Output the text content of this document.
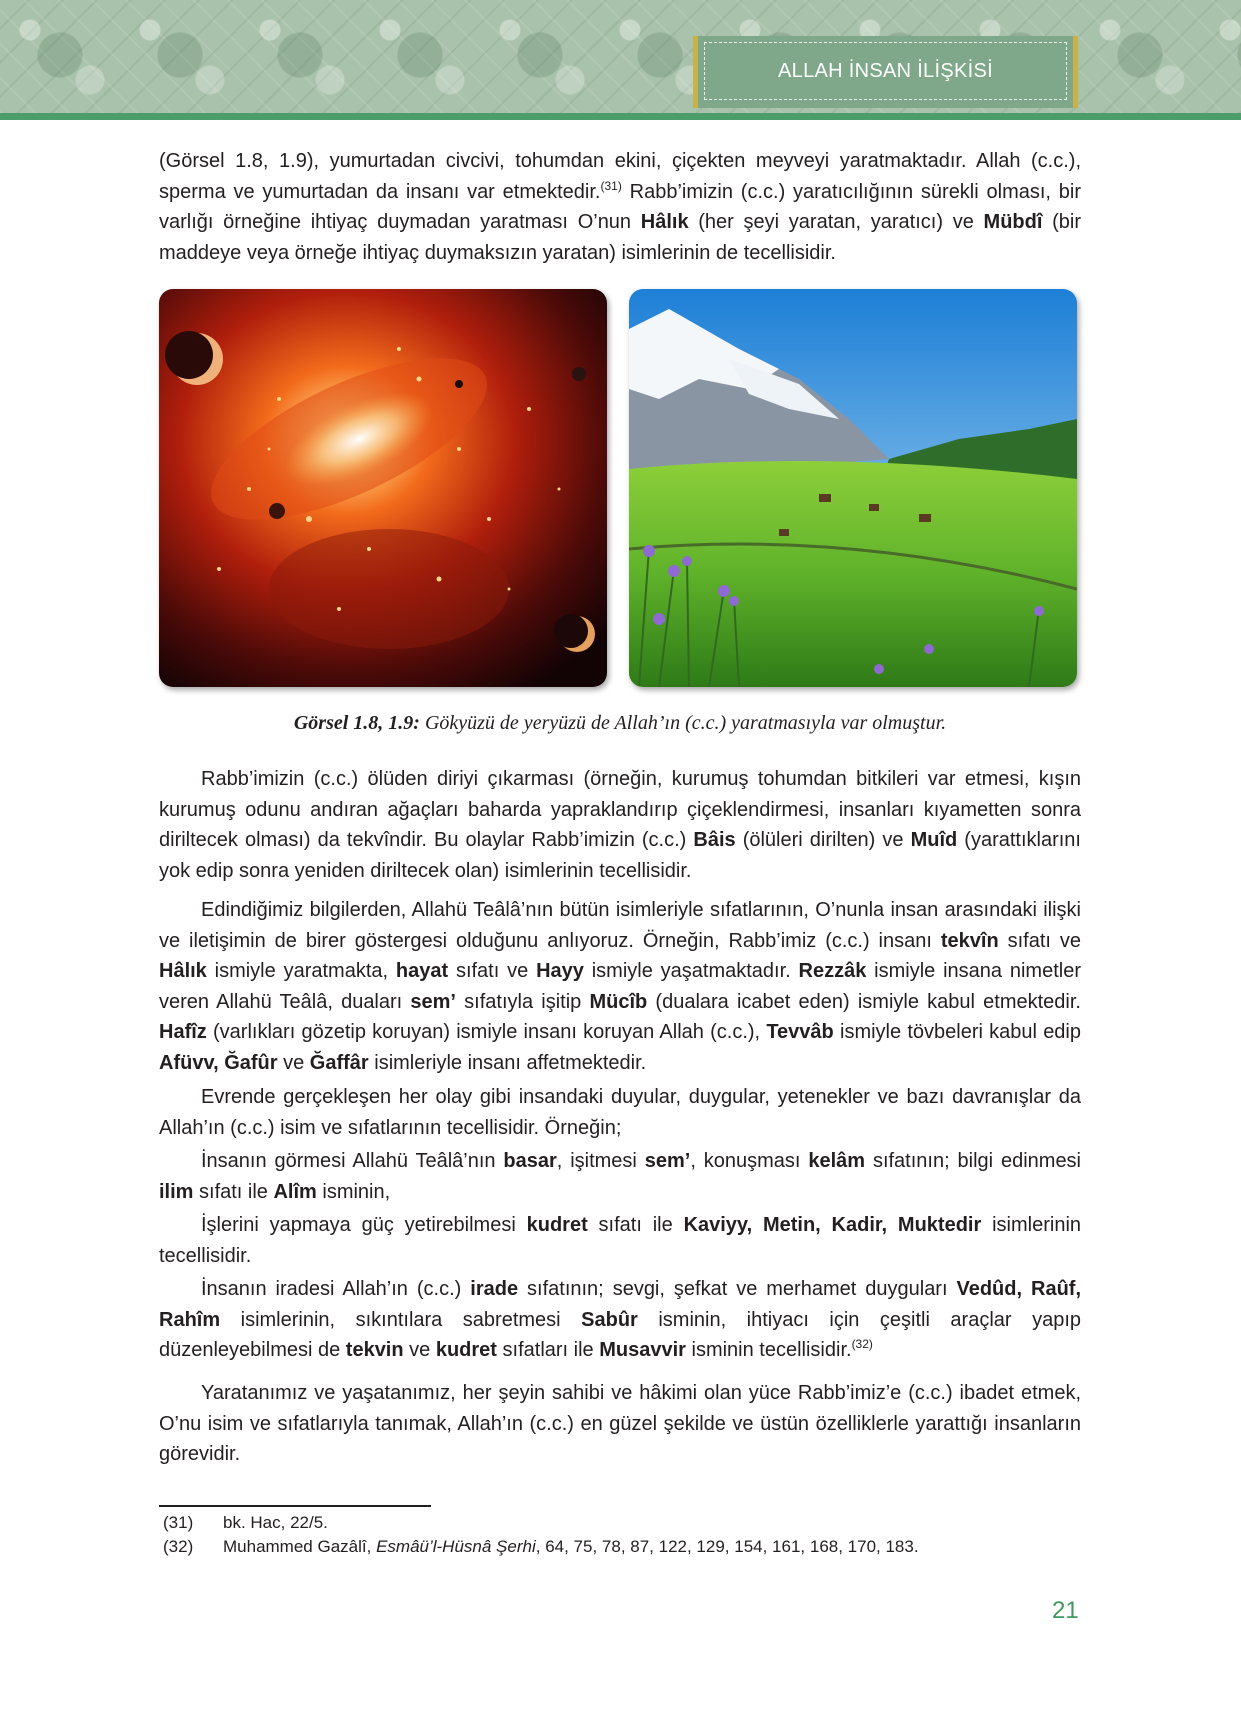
ALLAH İNSAN İLİŞKİSİ
(Görsel 1.8, 1.9), yumurtadan civcivi, tohumdan ekini, çiçekten meyveyi yaratmaktadır. Allah (c.c.), sperma ve yumurtadan da insanı var etmektedir.$^{(31)}$ Rabb’imizin (c.c.) yaratıcılığının sürekli olması, bir varlığı örneğine ihtiyaç duymadan yaratması O’nun Hâlık (her şeyi yaratan, yaratıcı) ve Mübdî (bir maddeye veya örneğe ihtiyaç duymaksızın yaratan) isimlerinin de tecellisidir.
Görsel 1.8, 1.9: Gökyüzü de yeryüzü de Allah’ın (c.c.) yaratmasıyla var olmuştur.
Rabb’imizin (c.c.) ölüden diriyi çıkarması (örneğin, kurumuş tohumdan bitkileri var etmesi, kışın kurumuş odunu andıran ağaçları baharda yapraklandırıp çiçeklendirmesi, insanları kıyametten sonra diriltecek olması) da tekvîndir. Bu olaylar Rabb’imizin (c.c.) Bâis (ölüleri dirilten) ve Muîd (yarattıklarını yok edip sonra yeniden diriltecek olan) isimlerinin tecellisidir.
Edindiğimiz bilgilerden, Allahü Teâlâ’nın bütün isimleriyle sıfatlarının, O’nunla insan arasındaki ilişki ve iletişimin de birer göstergesi olduğunu anlıyoruz. Örneğin, Rabb’imiz (c.c.) insanı tekvîn sıfatı ve Hâlık ismiyle yaratmakta, hayat sıfatı ve Hayy ismiyle yaşatmaktadır. Rezzâk ismiyle insana nimetler veren Allahü Teâlâ, duaları sem’ sıfatıyla işitip Mücîb (dualara icabet eden) ismiyle kabul etmektedir. Hafîz (varlıkları gözetip koruyan) ismiyle insanı koruyan Allah (c.c.), Tevvâb ismiyle tövbeleri kabul edip Afüvv, Ğafûr ve Ğaffâr isimleriyle insanı affetmektedir.
Evrende gerçekleşen her olay gibi insandaki duyular, duygular, yetenekler ve bazı davranışlar da Allah’ın (c.c.) isim ve sıfatlarının tecellisidir. Örneğin;
İnsanın görmesi Allahü Teâlâ’nın basar, işitmesi sem’, konuşması kelâm sıfatının; bilgi edinmesi ilim sıfatı ile Alîm isminin,
İşlerini yapmaya güç yetirebilmesi kudret sıfatı ile Kaviyy, Metin, Kadir, Muktedir isimlerinin tecellisidir.
İnsanın iradesi Allah’ın (c.c.) irade sıfatının; sevgi, şefkat ve merhamet duyguları Vedûd, Raûf, Rahîm isimlerinin, sıkıntılara sabretmesi Sabûr isminin, ihtiyacı için çeşitli araçlar yapıp düzenleyebilmesi de tekvin ve kudret sıfatları ile Musavvir isminin tecellisidir.$^{(32)}$
Yaratanımız ve yaşatanımız, her şeyin sahibi ve hâkimi olan yüce Rabb’imiz’e (c.c.) ibadet etmek, O’nu isim ve sıfatlarıyla tanımak, Allah’ın (c.c.) en güzel şekilde ve üstün özelliklerle yarattığı insanların görevidir.
(31) bk. Hac, 22/5.
(32) Muhammed Gazâlî, Esmâü’l-Hüsnâ Şerhi, 64, 75, 78, 87, 122, 129, 154, 161, 168, 170, 183.
21
